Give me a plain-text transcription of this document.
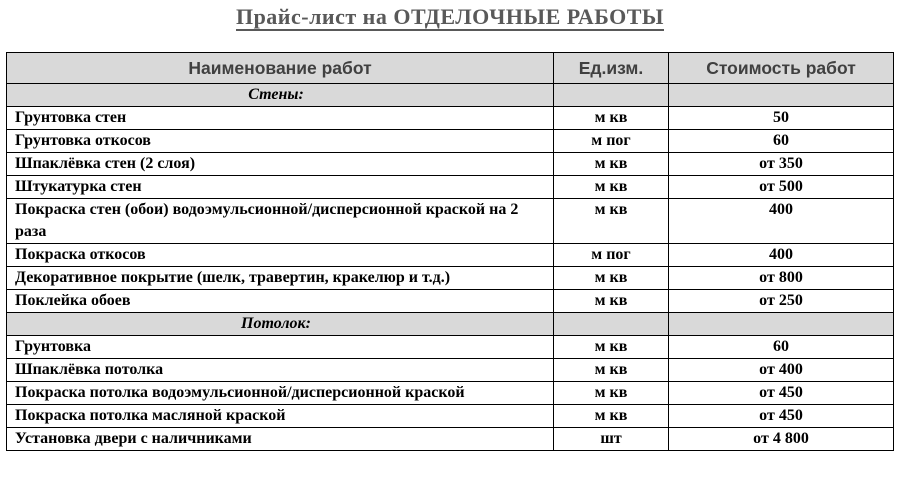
Прайс-лист на ОТДЕЛОЧНЫЕ РАБОТЫ
Наименование работ	Ед.изм.	Стоимость работ
Стены:		
Грунтовка стен	м кв	50
Грунтовка откосов	м пог	60
Шпаклёвка стен (2 слоя)	м кв	от 350
Штукатурка стен	м кв	от 500
Покраска стен (обои) водоэмульсионной/дисперсионной краской на 2 раза	м кв	400
Покраска откосов	м пог	400
Декоративное покрытие (шелк, травертин, кракелюр и т.д.)	м кв	от 800
Поклейка обоев	м кв	от 250
Потолок:		
Грунтовка	м кв	60
Шпаклёвка потолка	м кв	от 400
Покраска потолка водоэмульсионной/дисперсионной краской	м кв	от 450
Покраска потолка масляной краской	м кв	от 450
Установка двери с наличниками	шт	от 4 800
